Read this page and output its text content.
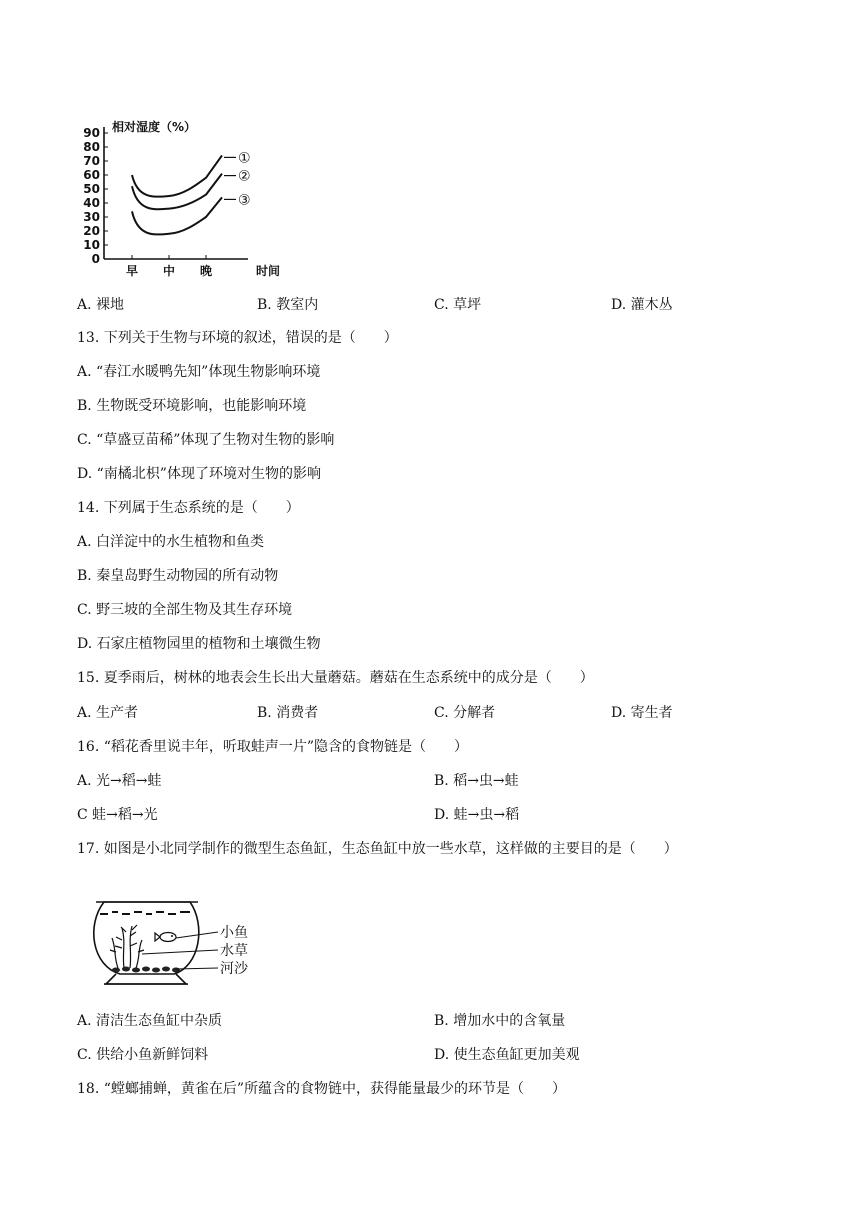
90
80
70
60
50
40
30
20
10
0
相对湿度（%）
早 中 晚	时间
①
②
③
A. 裸地	B. 教室内	C. 草坪	D. 灌木丛
13. 下列关于生物与环境的叙述，错误的是（　　）
A. “春江水暖鸭先知”体现生物影响环境
B. 生物既受环境影响，也能影响环境
C. “草盛豆苗稀”体现了生物对生物的影响
D. “南橘北枳”体现了环境对生物的影响
14. 下列属于生态系统的是（　　）
A. 白洋淀中的水生植物和鱼类
B. 秦皇岛野生动物园的所有动物
C. 野三坡的全部生物及其生存环境
D. 石家庄植物园里的植物和土壤微生物
15. 夏季雨后，树林的地表会生长出大量蘑菇。蘑菇在生态系统中的成分是（　　）
A. 生产者	B. 消费者	C. 分解者	D. 寄生者
16. “稻花香里说丰年，听取蛙声一片”隐含的食物链是（　　）
A. 光→稻→蛙	B. 稻→虫→蛙
C 蛙→稻→光	D. 蛙→虫→稻
17. 如图是小北同学制作的微型生态鱼缸，生态鱼缸中放一些水草，这样做的主要目的是（　　）
小鱼
水草
河沙
A. 清洁生态鱼缸中杂质	B. 增加水中的含氧量
C. 供给小鱼新鲜饲料	D. 使生态鱼缸更加美观
18. “螳螂捕蝉，黄雀在后”所蕴含的食物链中，获得能量最少的环节是（　　）
